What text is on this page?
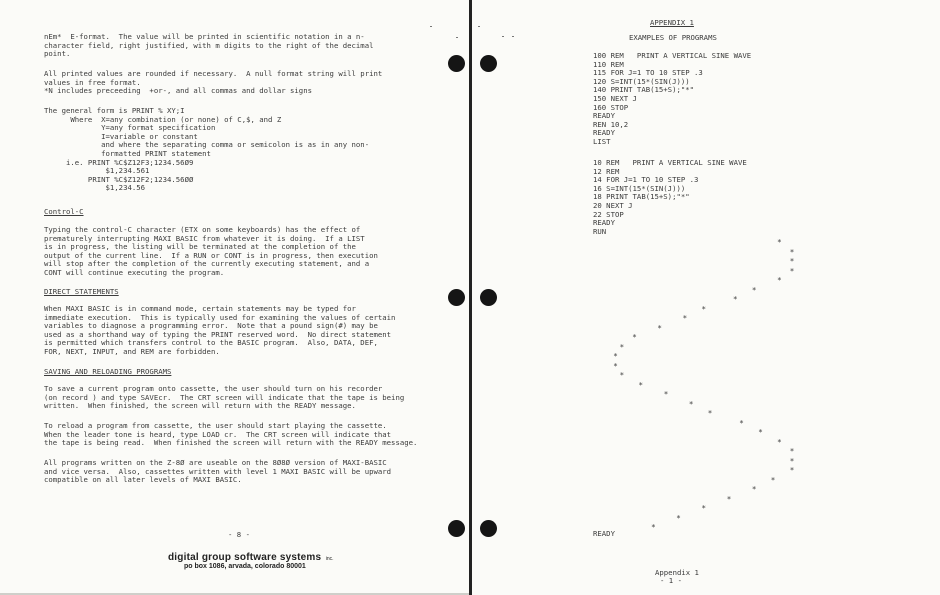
nEm*  E-format.  The value will be printed in scientific notation in a n-
character field, right justified, with m digits to the right of the decimal
point.
All printed values are rounded if necessary.  A null format string will print
values in free format.
*N includes preceeding  +or-, and all commas and dollar signs
The general form is PRINT % XY;I
Where  X=any combination (or none) of C,$, and Z
Y=any format specification
I=variable or constant
and where the separating comma or semicolon is as in any non-
formatted PRINT statement
i.e. PRINT %C$Z12F3;1234.56Ø9
$1,234.561
PRINT %C$Z12F2;1234.56ØØ
$1,234.56
Control-C
Typing the control-C character (ETX on some keyboards) has the effect of
prematurely interrupting MAXI BASIC from whatever it is doing.  If a LIST
is in progress, the listing will be terminated at the completion of the
output of the current line.  If a RUN or CONT is in progress, then execution
will stop after the completion of the currently executing statement, and a
CONT will continue executing the program.
DIRECT STATEMENTS
When MAXI BASIC is in command mode, certain statements may be typed for
immediate execution.  This is typically used for examining the values of certain
variables to diagnose a programming error.  Note that a pound sign(#) may be
used as a shorthand way of typing the PRINT reserved word.  No direct statement
is permitted which transfers control to the BASIC program.  Also, DATA, DEF,
FOR, NEXT, INPUT, and REM are forbidden.
SAVING AND RELOADING PROGRAMS
To save a current program onto cassette, the user should turn on his recorder
(on record ) and type SAVEcr.  The CRT screen will indicate that the tape is being
written.  When finished, the screen will return with the READY message.
To reload a program from cassette, the user should start playing the cassette.
When the leader tone is heard, type LOAD cr.  The CRT screen will indicate that
the tape is being read.  When finished the screen will return with the READY message.
All programs written on the Z-8Ø are useable on the 8Ø8Ø version of MAXI-BASIC
and vice versa.  Also, cassettes written with level 1 MAXI BASIC will be upward
compatible on all later levels of MAXI BASIC.
- 8 -
digital group software systems inc.
po box 1086, arvada, colorado 80001
APPENDIX 1
EXAMPLES OF PROGRAMS
100 REM   PRINT A VERTICAL SINE WAVE
110 REM
115 FOR J=1 TO 10 STEP .3
120 S=INT(15*(SIN(J)))
140 PRINT TAB(15+S);"*"
150 NEXT J
160 STOP
READY
REN 10,2
READY
LIST
10 REM   PRINT A VERTICAL SINE WAVE
12 REM
14 FOR J=1 TO 10 STEP .3
16 S=INT(15*(SIN(J)))
18 PRINT TAB(15+S);"*"
20 NEXT J
22 STOP
READY
RUN
*
*
*
*
*
*
*
*
*
*
*
*
*
*
*
*
*
*
*
*
*
*
*
*
*
*
*
*
*
*
*
READY
Appendix 1
- 1 -
